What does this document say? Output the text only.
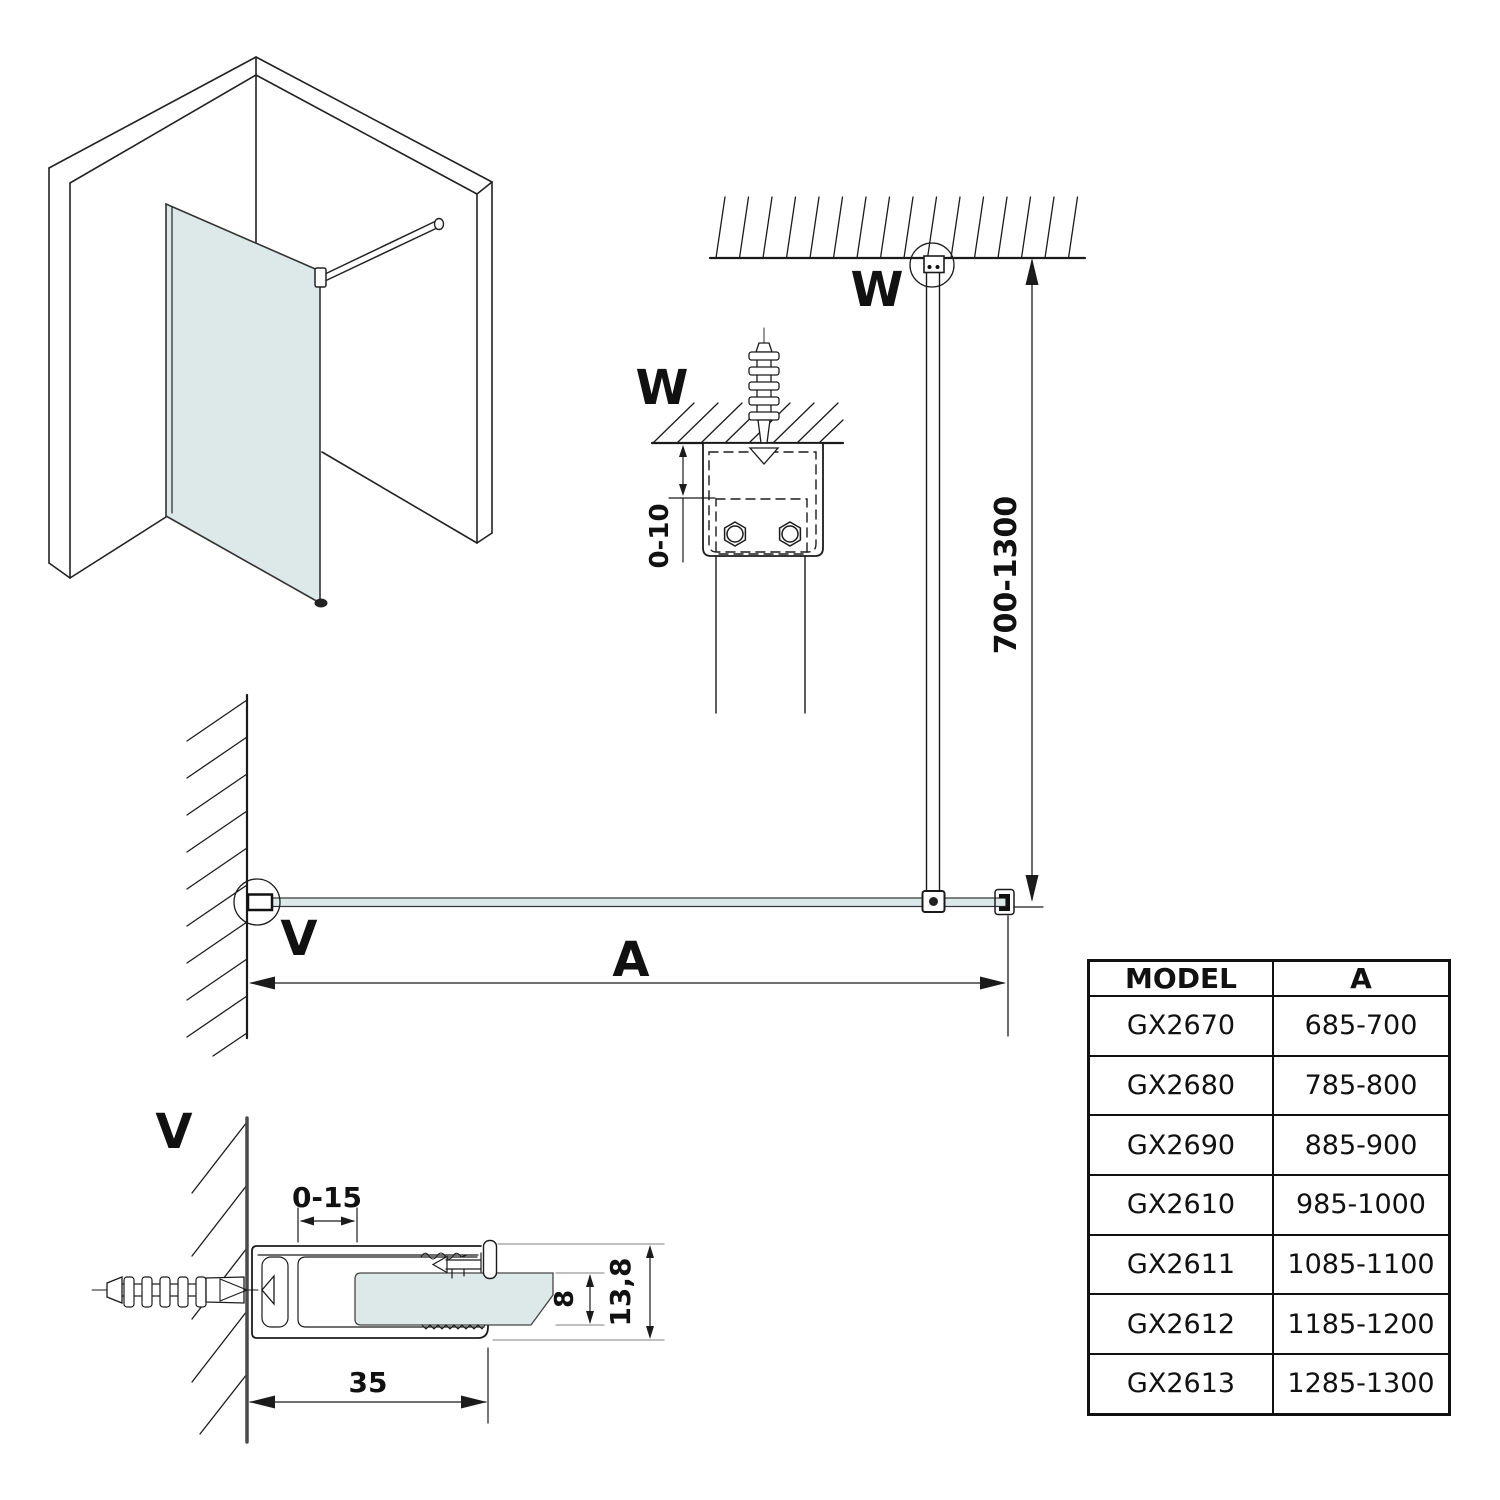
W
0-10
W
V	A
700-1300
V
0-15
35
8 13,8
MODEL	A
GX2670	685-700
GX2680	785-800
GX2690	885-900
GX2610	985-1000
GX2611	1085-1100
GX2612	1185-1200
GX2613	1285-1300
